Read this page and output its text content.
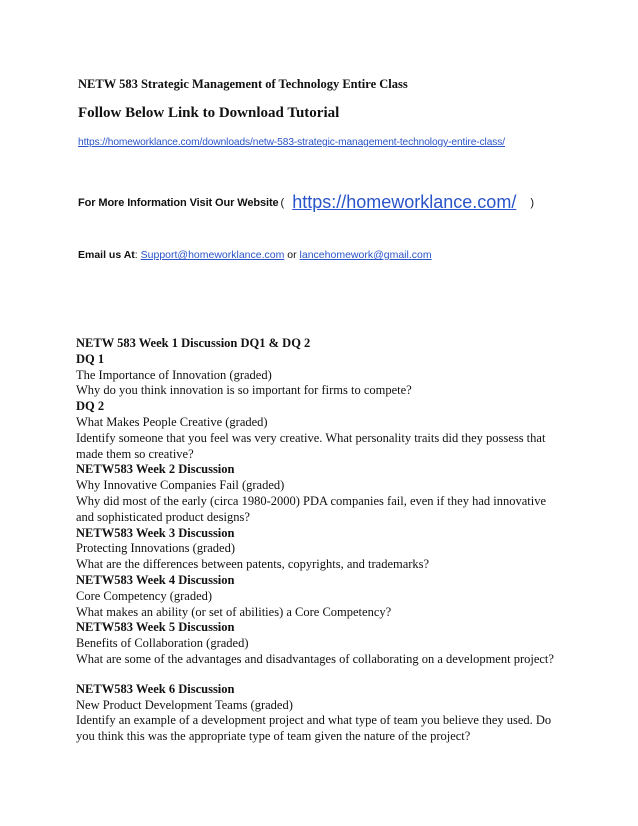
NETW 583 Strategic Management of Technology Entire Class
Follow Below Link to Download Tutorial
https://homeworklance.com/downloads/netw-583-strategic-management-technology-entire-class/
For More Information Visit Our Website ( https://homeworklance.com/ )
Email us At: Support@homeworklance.com or lancehomework@gmail.com
NETW 583 Week 1 Discussion DQ1 & DQ 2
DQ 1
The Importance of Innovation (graded)
Why do you think innovation is so important for firms to compete?
DQ 2
What Makes People Creative (graded)
Identify someone that you feel was very creative. What personality traits did they possess that
made them so creative?
NETW583 Week 2 Discussion
Why Innovative Companies Fail (graded)
Why did most of the early (circa 1980-2000) PDA companies fail, even if they had innovative
and sophisticated product designs?
NETW583 Week 3 Discussion
Protecting Innovations (graded)
What are the differences between patents, copyrights, and trademarks?
NETW583 Week 4 Discussion
Core Competency (graded)
What makes an ability (or set of abilities) a Core Competency?
NETW583 Week 5 Discussion
Benefits of Collaboration (graded)
What are some of the advantages and disadvantages of collaborating on a development project?
NETW583 Week 6 Discussion
New Product Development Teams (graded)
Identify an example of a development project and what type of team you believe they used. Do
you think this was the appropriate type of team given the nature of the project?
